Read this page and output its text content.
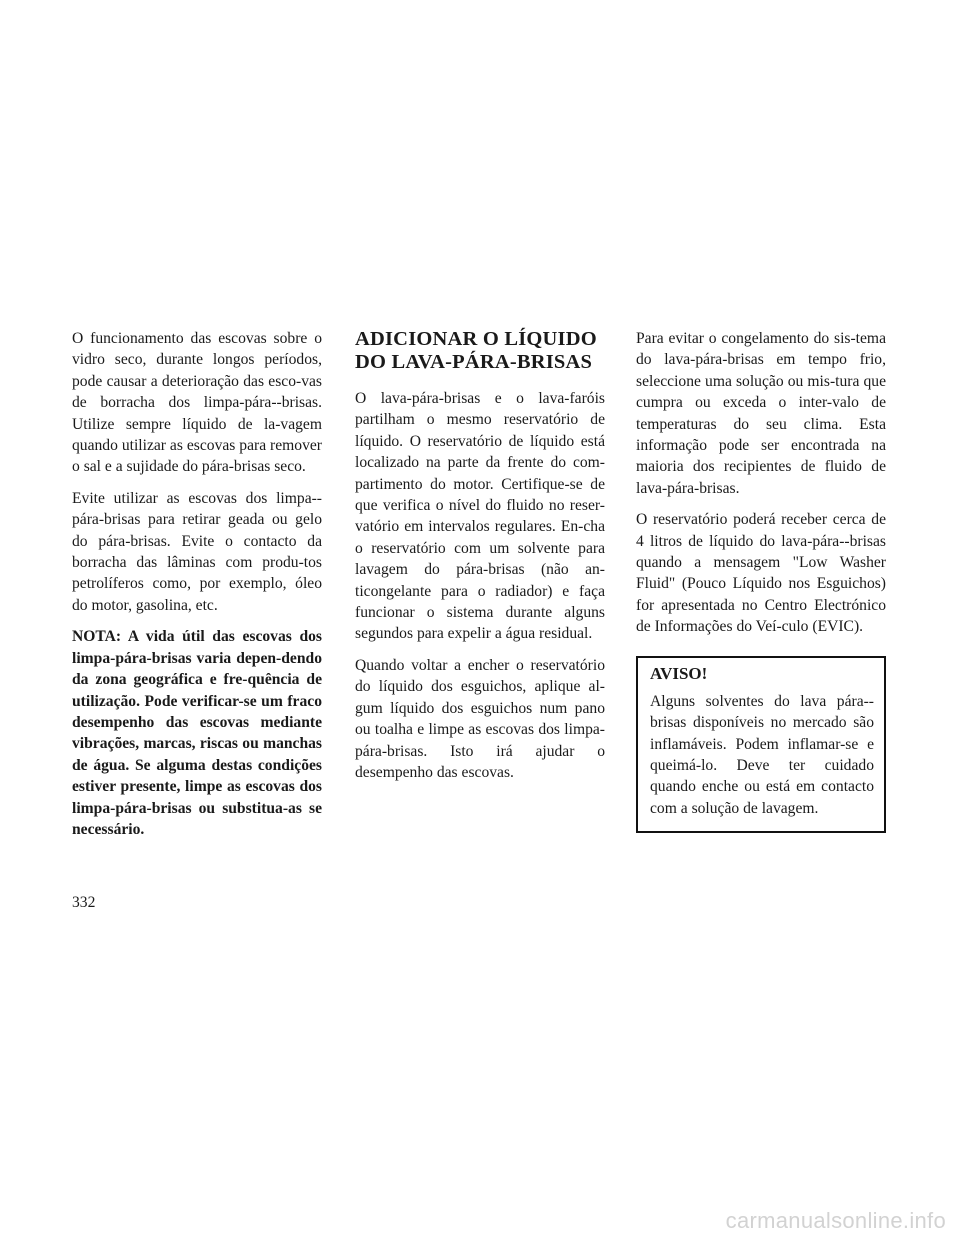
O funcionamento das escovas sobre o vidro seco, durante longos períodos, pode causar a deterioração das esco-vas de borracha dos limpa-pára--brisas. Utilize sempre líquido de la-vagem quando utilizar as escovas para remover o sal e a sujidade do pára-brisas seco.

Evite utilizar as escovas dos limpa--pára-brisas para retirar geada ou gelo do pára-brisas. Evite o contacto da borracha das lâminas com produ-tos petrolíferos como, por exemplo, óleo do motor, gasolina, etc.

NOTA: A vida útil das escovas dos limpa-pára-brisas varia depen-dendo da zona geográfica e fre-quência de utilização. Pode verificar-se um fraco desempenho das escovas mediante vibrações, marcas, riscas ou manchas de água. Se alguma destas condições estiver presente, limpe as escovas dos limpa-pára-brisas ou substitua-as se necessário.

ADICIONAR O LÍQUIDO DO LAVA-PÁRA-BRISAS

O lava-pára-brisas e o lava-faróis partilham o mesmo reservatório de líquido. O reservatório de líquido está localizado na parte da frente do com-partimento do motor. Certifique-se de que verifica o nível do fluido no reser-vatório em intervalos regulares. En-cha o reservatório com um solvente para lavagem do pára-brisas (não an-ticongelante para o radiador) e faça funcionar o sistema durante alguns segundos para expelir a água residual.

Quando voltar a encher o reservatório do líquido dos esguichos, aplique al-gum líquido dos esguichos num pano ou toalha e limpe as escovas dos limpa-pára-brisas. Isto irá ajudar o desempenho das escovas.

Para evitar o congelamento do sis-tema do lava-pára-brisas em tempo frio, seleccione uma solução ou mis-tura que cumpra ou exceda o inter-valo de temperaturas do seu clima. Esta informação pode ser encontrada na maioria dos recipientes de fluido de lava-pára-brisas.

O reservatório poderá receber cerca de 4 litros de líquido do lava-pára--brisas quando a mensagem "Low Washer Fluid" (Pouco Líquido nos Esguichos) for apresentada no Centro Electrónico de Informações do Veí-culo (EVIC).

AVISO!

Alguns solventes do lava pára--brisas disponíveis no mercado são inflamáveis. Podem inflamar-se e queimá-lo. Deve ter cuidado quando enche ou está em contacto com a solução de lavagem.

332
carmanualsonline.info
